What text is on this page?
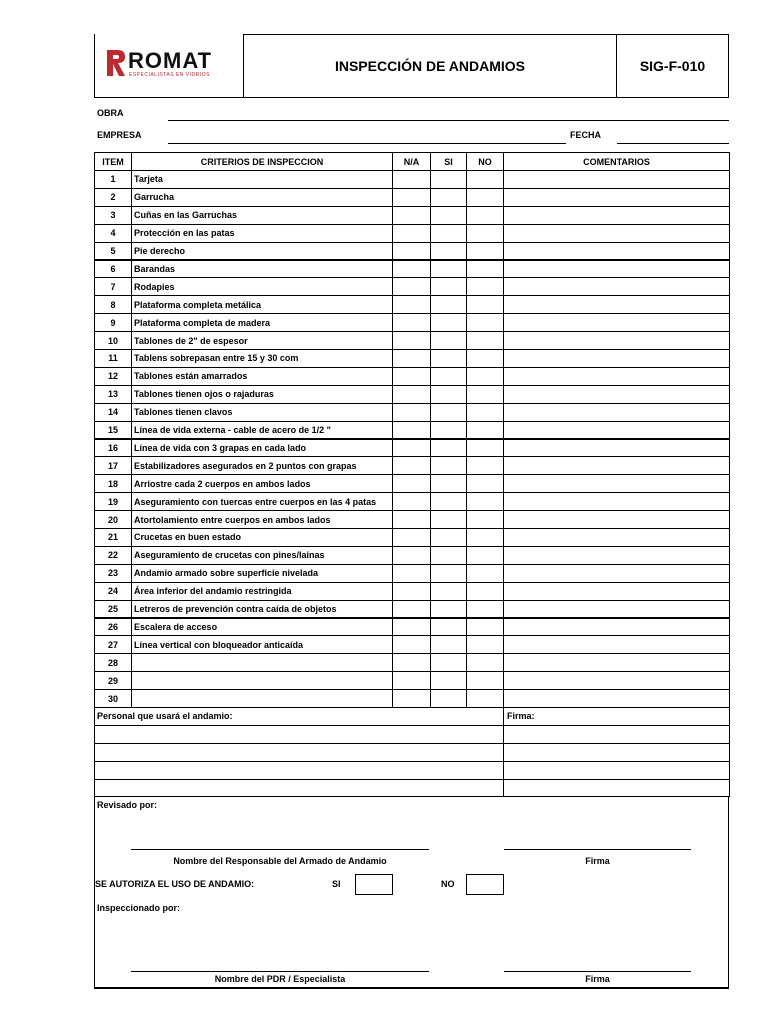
ROMAT
ESPECIALISTAS EN VIDRIOS
INSPECCIÓN DE ANDAMIOS	SIG-F-010
OBRA
EMPRESA	FECHA
ITEM	CRITERIOS DE INSPECCION	N/A	SI	NO	COMENTARIOS
1	Tarjeta
2	Garrucha
3	Cuñas en las Garruchas
4	Protección en las patas
5	Pie derecho
6	Barandas
7	Rodapies
8	Plataforma completa metálica
9	Plataforma completa de madera
10	Tablones de 2" de espesor
11	Tablens sobrepasan entre 15 y 30 com
12	Tablones están amarrados
13	Tablones tienen ojos o rajaduras
14	Tablones tienen clavos
15	Línea de vida externa - cable de acero de 1/2 "
16	Línea de vida con 3 grapas en cada lado
17	Estabilizadores asegurados en 2 puntos con grapas
18	Arriostre cada 2 cuerpos en ambos lados
19	Aseguramiento con tuercas entre cuerpos en las 4 patas
20	Atortolamiento entre cuerpos en ambos lados
21	Crucetas en buen estado
22	Aseguramiento de crucetas con pines/lainas
23	Andamio armado sobre superficie nivelada
24	Área inferior del andamio restringida
25	Letreros de prevención contra caída de objetos
26	Escalera de acceso
27	Línea vertical con bloqueador anticaída
28
29
30
Personal que usará el andamio:	Firma:
Revisado por:
Nombre del Responsable del Armado de Andamio	Firma
SE AUTORIZA EL USO DE ANDAMIO:	SI	NO
Inspeccionado por:
Nombre del PDR / Especialista	Firma
